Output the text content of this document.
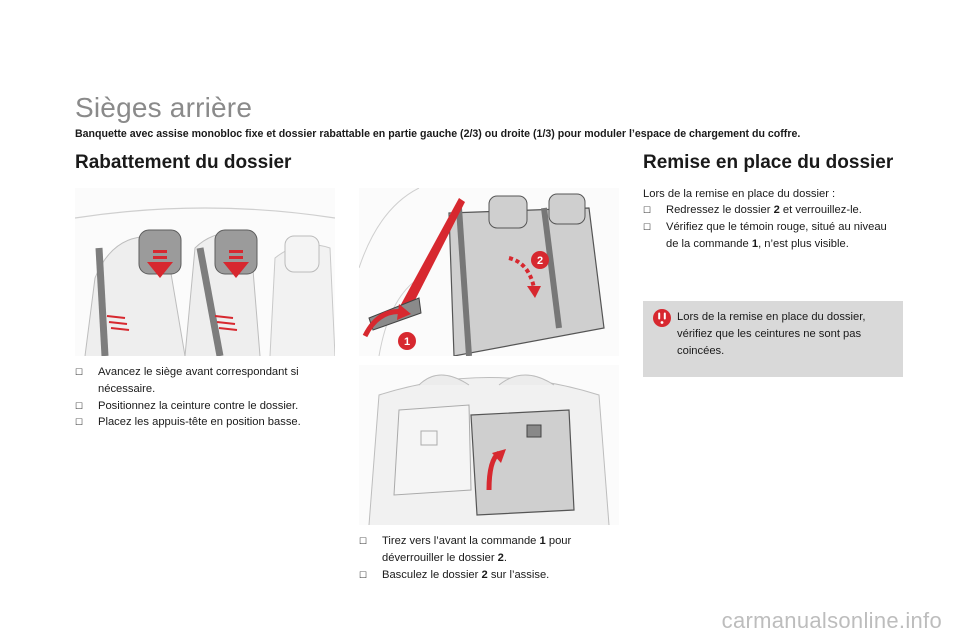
Sièges arrière

Banquette avec assise monobloc fixe et dossier rabattable en partie gauche (2/3) ou droite (1/3) pour moduler l’espace de chargement du coffre.

Rabattement du dossier
☐ Avancez le siège avant correspondant si nécessaire.
☐ Positionnez la ceinture contre le dossier.
☐ Placez les appuis-tête en position basse.
1
2
☐ Tirez vers l’avant la commande 1 pour déverrouiller le dossier 2.
☐ Basculez le dossier 2 sur l’assise.
Remise en place du dossier

Lors de la remise en place du dossier :

☐ Redressez le dossier 2 et verrouillez-le.
☐ Vérifiez que le témoin rouge, situé au niveau de la commande 1, n’est plus visible.

Lors de la remise en place du dossier, vérifiez que les ceintures ne sont pas coincées.

carmanualsonline.info
